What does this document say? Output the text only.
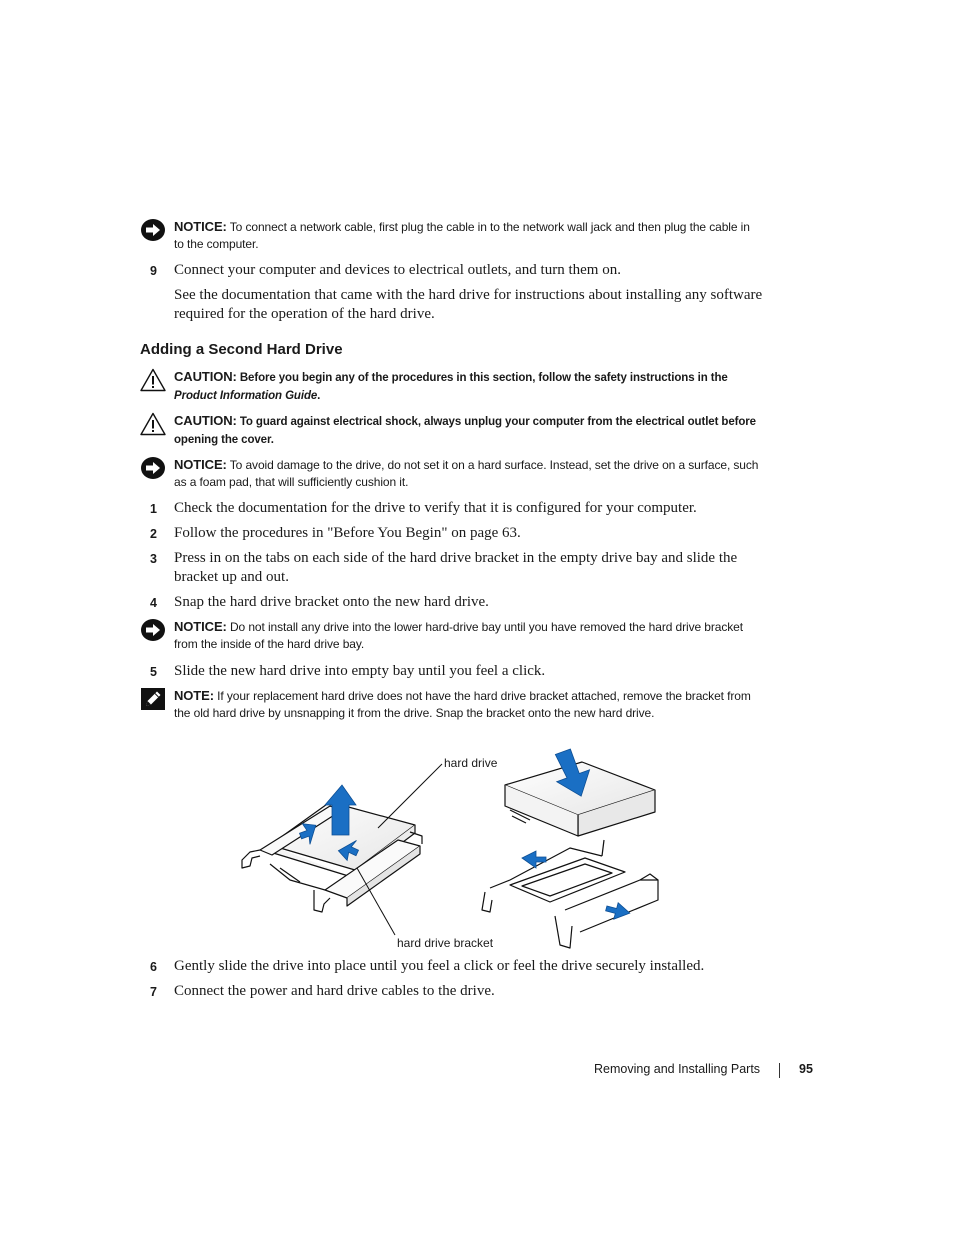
NOTICE: To connect a network cable, first plug the cable in to the network wall jack and then plug the cable in to the computer.
9 Connect your computer and devices to electrical outlets, and turn them on.
See the documentation that came with the hard drive for instructions about installing any software required for the operation of the hard drive.
Adding a Second Hard Drive
CAUTION: Before you begin any of the procedures in this section, follow the safety instructions in the Product Information Guide.
CAUTION: To guard against electrical shock, always unplug your computer from the electrical outlet before opening the cover.
NOTICE: To avoid damage to the drive, do not set it on a hard surface. Instead, set the drive on a surface, such as a foam pad, that will sufficiently cushion it.
1 Check the documentation for the drive to verify that it is configured for your computer.
2 Follow the procedures in "Before You Begin" on page 63.
3 Press in on the tabs on each side of the hard drive bracket in the empty drive bay and slide the bracket up and out.
4 Snap the hard drive bracket onto the new hard drive.
NOTICE: Do not install any drive into the lower hard-drive bay until you have removed the hard drive bracket from the inside of the hard drive bay.
5 Slide the new hard drive into empty bay until you feel a click.
NOTE: If your replacement hard drive does not have the hard drive bracket attached, remove the bracket from the old hard drive by unsnapping it from the drive. Snap the bracket onto the new hard drive.
hard drive
hard drive bracket
6 Gently slide the drive into place until you feel a click or feel the drive securely installed.
7 Connect the power and hard drive cables to the drive.
Removing and Installing Parts	95
